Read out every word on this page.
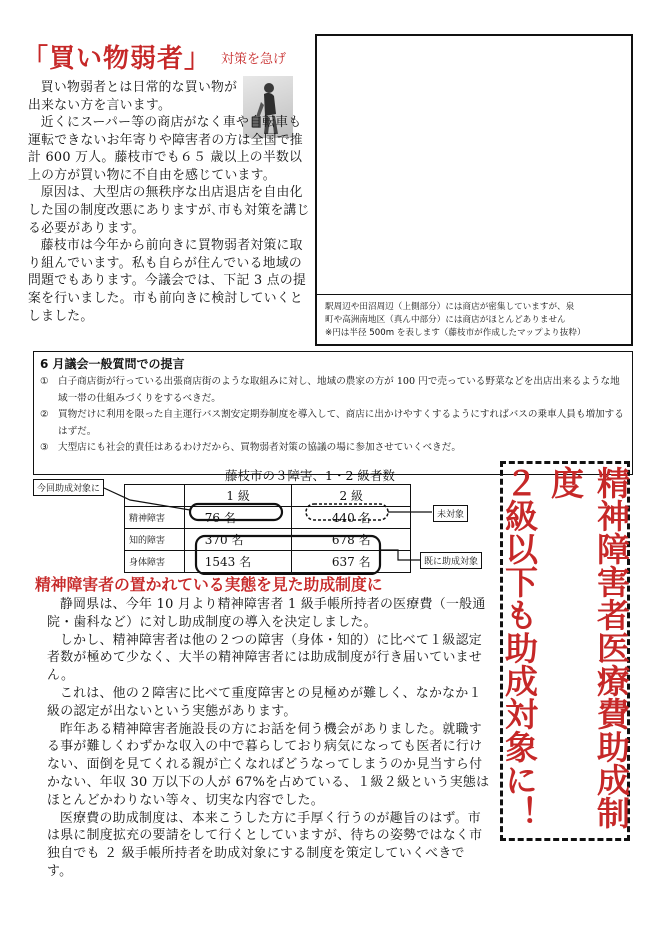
「買い物弱者」 $^{対策を急げ}$

買い物弱者とは日常的な買い物が出来ない方を言います。

近くにスーパー等の商店がなく車や自転車も運転できないお年寄りや障害者の方は全国で推計 600 万人。藤枝市でも６５ 歳以上の半数以上の方が買い物に不自由を感じています。

原因は、大型店の無秩序な出店退店を自由化した国の制度改悪にありますが､市も対策を講じる必要があります。

藤枝市は今年から前向きに買物弱者対策に取り組んでいます。私も自らが住んでいる地域の問題でもあります。今議会では、下記 3 点の提案を行いました。市も前向きに検討していくとしました。

駅周辺や田沼周辺（上側部分）には商店が密集していますが、泉
町や高洲南地区（真ん中部分）には商店がほとんどありません
※円は半径 500m を表します（藤枝市が作成したマップより抜粋）
6 月議会一般質問での提言
① 白子商店街が行っている出張商店街のような取組みに対し、地域の農家の方が 100 円で売っている野菜などを出店出来るような地域一帯の仕組みづくりをするべきだ。
② 買物だけに利用を限った自主運行バス割安定期券制度を導入して、商店に出かけやすくするようにすればバスの乗車人員も増加するはずだ。
③ 大型店にも社会的責任はあるわけだから、買物弱者対策の協議の場に参加させていくべきだ。
藤枝市の３障害、1・2 級者数
	1 級	2 級
精神障害	76 名	440 名
知的障害	370 名	678 名
身体障害	1543 名	637 名
今回助成対象に
未対象
既に助成対象
精神障害者の置かれている実態を見た助成制度に

静岡県は、今年 10 月より精神障害者 1 級手帳所持者の医療費（一般通院・歯科など）に対し助成制度の導入を決定しました。

しかし、精神障害者は他の２つの障害（身体・知的）に比べて１級認定者数が極めて少なく、大半の精神障害者には助成制度が行き届いていません。

これは、他の２障害に比べて重度障害との見極めが難しく、なかなか１級の認定が出ないという実態があります。

昨年ある精神障害者施設長の方にお話を伺う機会がありました。就職する事が難しくわずかな収入の中で暮らしており病気になっても医者に行けない、面倒を見てくれる親が亡くなればどうなってしまうのか見当すら付かない、年収 30 万以下の人が 67%を占めている、１級２級という実態はほとんどかわりない等々、切実な内容でした。

医療費の助成制度は、本来こうした方に手厚く行うのが趣旨のはず。市は県に制度拡充の要請をして行くとしていますが、待ちの姿勢ではなく市独自でも ２ 級手帳所持者を助成対象にする制度を策定していくべきです。

精神障害者医療費助成制度
２級以下も助成対象に！
